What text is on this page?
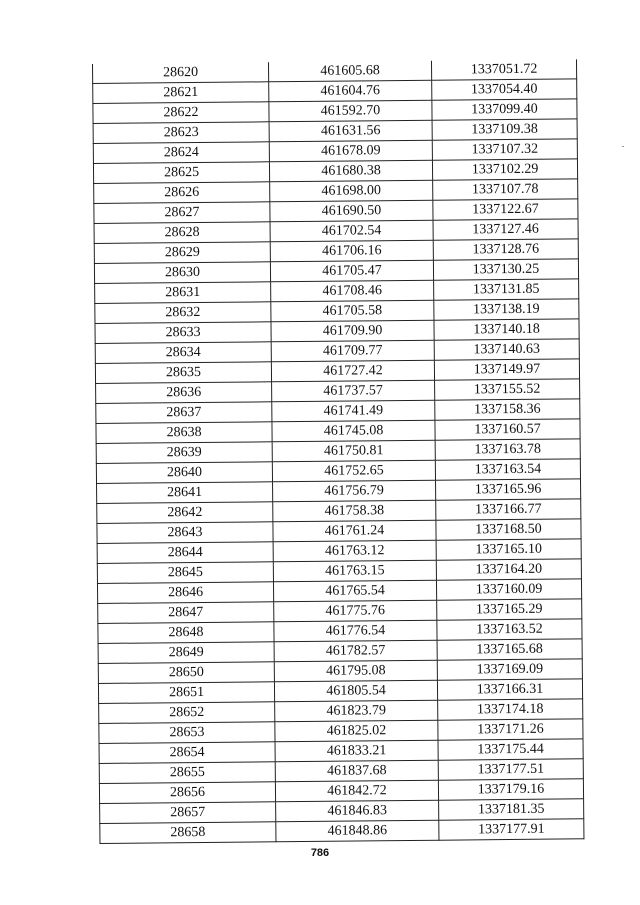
28620	461605.68	1337051.72
28621	461604.76	1337054.40
28622	461592.70	1337099.40
28623	461631.56	1337109.38
28624	461678.09	1337107.32
28625	461680.38	1337102.29
28626	461698.00	1337107.78
28627	461690.50	1337122.67
28628	461702.54	1337127.46
28629	461706.16	1337128.76
28630	461705.47	1337130.25
28631	461708.46	1337131.85
28632	461705.58	1337138.19
28633	461709.90	1337140.18
28634	461709.77	1337140.63
28635	461727.42	1337149.97
28636	461737.57	1337155.52
28637	461741.49	1337158.36
28638	461745.08	1337160.57
28639	461750.81	1337163.78
28640	461752.65	1337163.54
28641	461756.79	1337165.96
28642	461758.38	1337166.77
28643	461761.24	1337168.50
28644	461763.12	1337165.10
28645	461763.15	1337164.20
28646	461765.54	1337160.09
28647	461775.76	1337165.29
28648	461776.54	1337163.52
28649	461782.57	1337165.68
28650	461795.08	1337169.09
28651	461805.54	1337166.31
28652	461823.79	1337174.18
28653	461825.02	1337171.26
28654	461833.21	1337175.44
28655	461837.68	1337177.51
28656	461842.72	1337179.16
28657	461846.83	1337181.35
28658	461848.86	1337177.91
786
